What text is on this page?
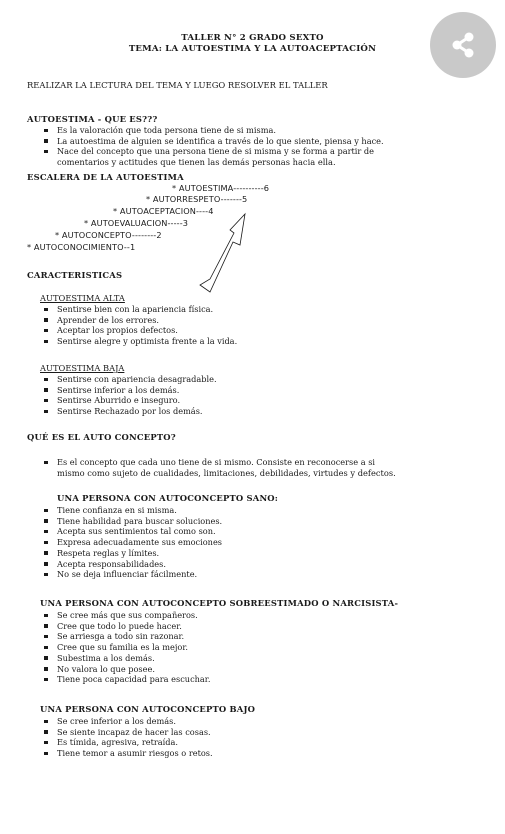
TALLER N° 2 GRADO SEXTO
TEMA: LA AUTOESTIMA Y LA AUTOACEPTACIÓN
REALIZAR LA LECTURA DEL TEMA Y LUEGO RESOLVER EL TALLER
AUTOESTIMA - QUE ES???
Es la valoración que toda persona tiene de si misma.
La autoestima de alguien se identifica a través de lo que siente, piensa y hace.
Nace del concepto que una persona tiene de si misma y se forma a partir de
comentarios y actitudes que tienen las demás personas hacia ella.
ESCALERA DE LA AUTOESTIMA
* AUTOESTIMA----------6
* AUTORRESPETO-------5
* AUTOACEPTACION----4
* AUTOEVALUACION-----3
* AUTOCONCEPTO--------2
* AUTOCONOCIMIENTO--1
CARACTERISTICAS
AUTOESTIMA ALTA
Sentirse bien con la apariencia física.
Aprender de los errores.
Aceptar los propios defectos.
Sentirse alegre y optimista frente a la vida.
AUTOESTIMA BAJA
Sentirse con apariencia desagradable.
Sentirse inferior a los demás.
Sentirse Aburrido e inseguro.
Sentirse Rechazado por los demás.
QUÉ ES EL AUTO CONCEPTO?
Es el concepto que cada uno tiene de si mismo. Consiste en reconocerse a si
mismo como sujeto de cualidades, limitaciones, debilidades, virtudes y defectos.
UNA PERSONA CON AUTOCONCEPTO SANO:
Tiene confianza en si misma.
Tiene habilidad para buscar soluciones.
Acepta sus sentimientos tal como son.
Expresa adecuadamente sus emociones
Respeta reglas y límites.
Acepta responsabilidades.
No se deja influenciar fácilmente.
UNA PERSONA CON AUTOCONCEPTO SOBREESTIMADO O NARCISISTA-
Se cree más que sus compañeros.
Cree que todo lo puede hacer.
Se arriesga a todo sin razonar.
Cree que su familia es la mejor.
Subestima a los demás.
No valora lo que posee.
Tiene poca capacidad para escuchar.
UNA PERSONA CON AUTOCONCEPTO BAJO
Se cree inferior a los demás.
Se siente incapaz de hacer las cosas.
Es tímida, agresiva, retraída.
Tiene temor a asumir riesgos o retos.
